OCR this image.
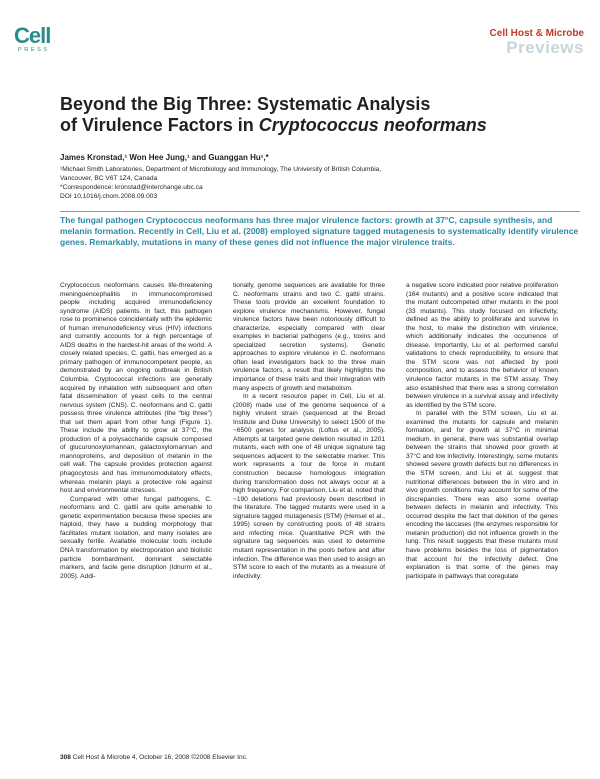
Cell
PRESS
Cell Host & Microbe
Previews
Beyond the Big Three: Systematic Analysis
of Virulence Factors in Cryptococcus neoformans
James Kronstad,¹ Won Hee Jung,¹ and Guanggan Hu¹,*
¹Michael Smith Laboratories, Department of Microbiology and Immunology, The University of British Columbia,
Vancouver, BC V6T 1Z4, Canada
*Correspondence: kronstad@interchange.ubc.ca
DOI 10.1016/j.chom.2008.09.003
The fungal pathogen Cryptococcus neoformans has three major virulence factors: growth at 37°C, capsule synthesis, and melanin formation. Recently in Cell, Liu et al. (2008) employed signature tagged mutagenesis to systematically identify virulence genes. Remarkably, mutations in many of these genes did not influence the major virulence traits.

Cryptococcus neoformans causes life-threatening meningoencephalitis in immunocompromised people including acquired immunodeficiency syndrome (AIDS) patients. In fact, this pathogen rose to prominence coincidentally with the epidemic of human immunodeficiency virus (HIV) infections and currently accounts for a high percentage of AIDS deaths in the hardest-hit areas of the world. A closely related species, C. gattii, has emerged as a primary pathogen of immunocompetent people, as demonstrated by an ongoing outbreak in British Columbia. Cryptococcal infections are generally acquired by inhalation with subsequent and often fatal dissemination of yeast cells to the central nervous system (CNS). C. neoformans and C. gattii possess three virulence attributes (the “big three”) that set them apart from other fungi (Figure 1). These include the ability to grow at 37°C, the production of a polysaccharide capsule composed of glucuronoxylomannan, galactoxylomannan and mannoproteins, and deposition of melanin in the cell wall. The capsule provides protection against phagocytosis and has immunomodulatory effects, whereas melanin plays a protective role against host and environmental stresses.

Compared with other fungal pathogens, C. neoformans and C. gattii are quite amenable to genetic experimentation because these species are haploid, they have a budding morphology that facilitates mutant isolation, and many isolates are sexually fertile. Available molecular tools include DNA transformation by electroporation and biolistic particle bombardment, dominant selectable markers, and facile gene disruption (Idnurm et al., 2005). Addi-

tionally, genome sequences are available for three C. neoformans strains and two C. gattii strains. These tools provide an excellent foundation to explore virulence mechanisms. However, fungal virulence factors have been notoriously difficult to characterize, especially compared with clear examples in bacterial pathogens (e.g., toxins and specialized secretion systems). Genetic approaches to explore virulence in C. neoformans often lead investigators back to the three main virulence factors, a result that likely highlights the importance of these traits and their integration with many aspects of growth and metabolism.

In a recent resource paper in Cell, Liu et al. (2008) made use of the genome sequence of a highly virulent strain (sequenced at the Broad Institute and Duke University) to select 1500 of the ~6500 genes for analysis (Loftus et al., 2005). Attempts at targeted gene deletion resulted in 1201 mutants, each with one of 48 unique signature tag sequences adjacent to the selectable marker. This work represents a tour de force in mutant construction because homologous integration during transformation does not always occur at a high frequency. For comparison, Liu et al. noted that ~190 deletions had previously been described in the literature. The tagged mutants were used in a signature tagged mutagenesis (STM) (Hensel et al., 1995) screen by constructing pools of 48 strains and infecting mice. Quantitative PCR with the signature tag sequences was used to determine mutant representation in the pools before and after infection. The difference was then used to assign an STM score to each of the mutants as a measure of infectivity:

a negative score indicated poor relative proliferation (164 mutants) and a positive score indicated that the mutant outcompeted other mutants in the pool (33 mutants). This study focused on infectivity, defined as the ability to proliferate and survive in the host, to make the distinction with virulence, which additionally indicates the occurrence of disease. Importantly, Liu et al. performed careful validations to check reproducibility, to ensure that the STM score was not affected by pool composition, and to assess the behavior of known virulence factor mutants in the STM assay. They also established that there was a strong correlation between virulence in a survival assay and infectivity as identified by the STM score.

In parallel with the STM screen, Liu et al. examined the mutants for capsule and melanin formation, and for growth at 37°C in minimal medium. In general, there was substantial overlap between the strains that showed poor growth at 37°C and low infectivity. Interestingly, some mutants showed severe growth defects but no differences in the STM screen, and Liu et al. suggest that nutritional differences between the in vitro and in vivo growth conditions may account for some of the discrepancies. There was also some overlap between defects in melanin and infectivity. This occurred despite the fact that deletion of the genes encoding the laccases (the enzymes responsible for melanin production) did not influence growth in the lung. This result suggests that these mutants must have problems besides the loss of pigmentation that account for the infectivity defect. One explanation is that some of the genes may participate in pathways that coregulate

308 Cell Host & Microbe 4, October 16, 2008 ©2008 Elsevier Inc.
